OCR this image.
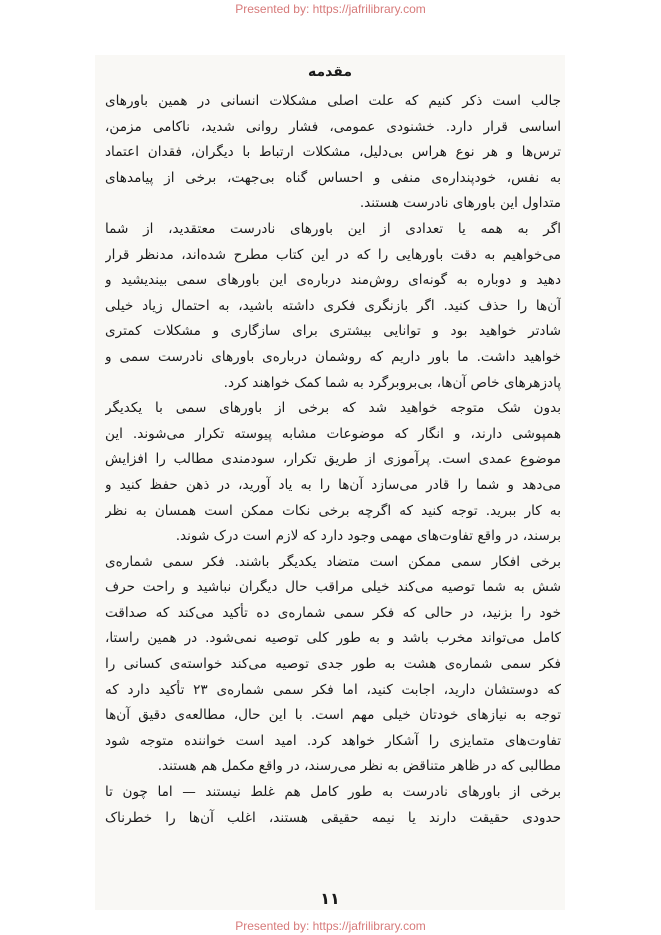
Presented by: https://jafrilibrary.com
مقدمه
جالب است ذکر کنیم که علت اصلی مشکلات انسانی در همین باورهای
اساسی قرار دارد. خشنودی عمومی، فشار روانی شدید، ناکامی مزمن،
ترس‌ها و هر نوع هراس بی‌دلیل، مشکلات ارتباط با دیگران، فقدان اعتماد
به نفس، خودپنداره‌ی منفی و احساس گناه بی‌جهت، برخی از پیامدهای
متداول این باورهای نادرست هستند.
اگر به همه یا تعدادی از این باورهای نادرست معتقدید، از شما
می‌خواهیم به دقت باورهایی را که در این کتاب مطرح شده‌اند، مدنظر قرار
دهید و دوباره به گونه‌ای روش‌مند درباره‌ی این باورهای سمی بیندیشید و
آن‌ها را حذف کنید. اگر بازنگری فکری داشته باشید، به احتمال زیاد خیلی
شادتر خواهید بود و توانایی بیشتری برای سازگاری و مشکلات کمتری
خواهید داشت. ما باور داریم که روشمان درباره‌ی باورهای نادرست سمی و
پادزهرهای خاص آن‌ها، بی‌بروبرگرد به شما کمک خواهند کرد.
بدون شک متوجه خواهید شد که برخی از باورهای سمی با یکدیگر
همپوشی دارند، و انگار که موضوعات مشابه پیوسته تکرار می‌شوند. این
موضوع عمدی است. پرآموزی از طریق تکرار، سودمندی مطالب را افزایش
می‌دهد و شما را قادر می‌سازد آن‌ها را به یاد آورید، در ذهن حفظ کنید و
به کار ببرید. توجه کنید که اگرچه برخی نکات ممکن است همسان به نظر
برسند، در واقع تفاوت‌های مهمی وجود دارد که لازم است درک شوند.
برخی افکار سمی ممکن است متضاد یکدیگر باشند. فکر سمی شماره‌ی
شش به شما توصیه می‌کند خیلی مراقب حال دیگران نباشید و راحت حرف
خود را بزنید، در حالی که فکر سمی شماره‌ی ده تأکید می‌کند که صداقت
کامل می‌تواند مخرب باشد و به طور کلی توصیه نمی‌شود. در همین راستا،
فکر سمی شماره‌ی هشت به طور جدی توصیه می‌کند خواسته‌ی کسانی را
که دوستشان دارید، اجابت کنید، اما فکر سمی شماره‌ی ۲۳ تأکید دارد که
توجه به نیازهای خودتان خیلی مهم است. با این حال، مطالعه‌ی دقیق آن‌ها
تفاوت‌های متمایزی را آشکار خواهد کرد. امید است خواننده متوجه شود
مطالبی که در ظاهر متناقض به نظر می‌رسند، در واقع مکمل هم هستند.
برخی از باورهای نادرست به طور کامل هم غلط نیستند — اما چون تا
حدودی حقیقت دارند یا نیمه حقیقی هستند، اغلب آن‌ها را خطرناک
۱۱
Presented by: https://jafrilibrary.com
